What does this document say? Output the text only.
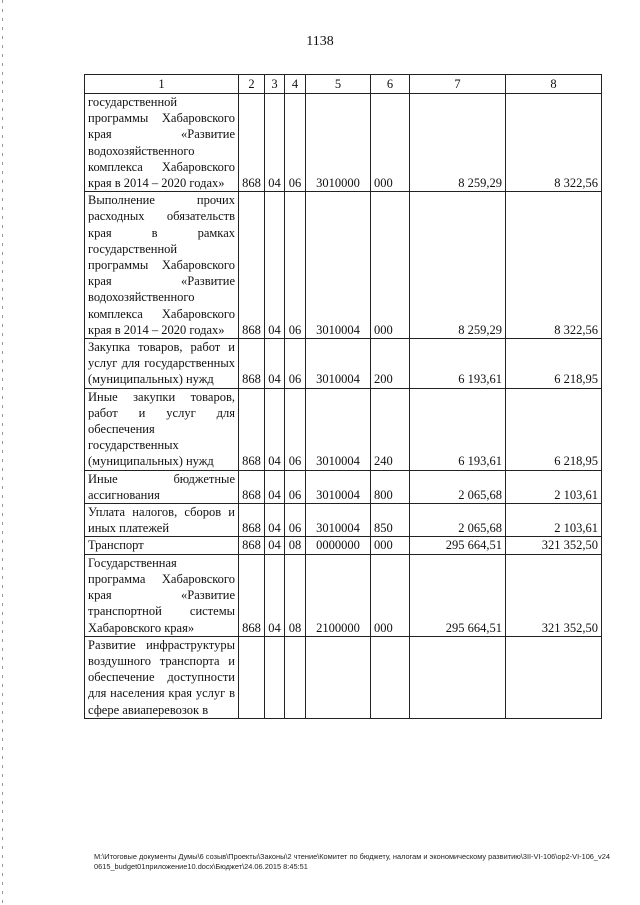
1138
1	2	3	4	5	6	7	8

государственной программы Хабаровского края «Развитие водохозяйственного комплекса Хабаровского края в 2014 – 2020 годах»	868	04	06	3010000	000	8 259,29	8 322,56

Выполнение прочих расходных обязательств края в рамках государственной программы Хабаровского края «Развитие водохозяйственного комплекса Хабаровского края в 2014 – 2020 годах»	868	04	06	3010004	000	8 259,29	8 322,56

Закупка товаров, работ и услуг для государственных (муниципальных) нужд	868	04	06	3010004	200	6 193,61	6 218,95

Иные закупки товаров, работ и услуг для обеспечения государственных (муниципальных) нужд	868	04	06	3010004	240	6 193,61	6 218,95

Иные бюджетные ассигнования	868	04	06	3010004	800	2 065,68	2 103,61

Уплата налогов, сборов и иных платежей	868	04	06	3010004	850	2 065,68	2 103,61

Транспорт	868	04	08	0000000	000	295 664,51	321 352,50

Государственная программа Хабаровского края «Развитие транспортной системы Хабаровского края»	868	04	08	2100000	000	295 664,51	321 352,50

Развитие инфраструктуры воздушного транспорта и обеспечение доступности для населения края услуг в сфере авиаперевозок в							

M:\Итоговые документы Думы\6 созыв\Проекты\Законы\2 чтение\Комитет по бюджету, налогам и экономическому развитию\3II-VI-106\op2-VI-106_v240615_budget01приложение10.docx\Бюджет\24.06.2015 8:45:51
